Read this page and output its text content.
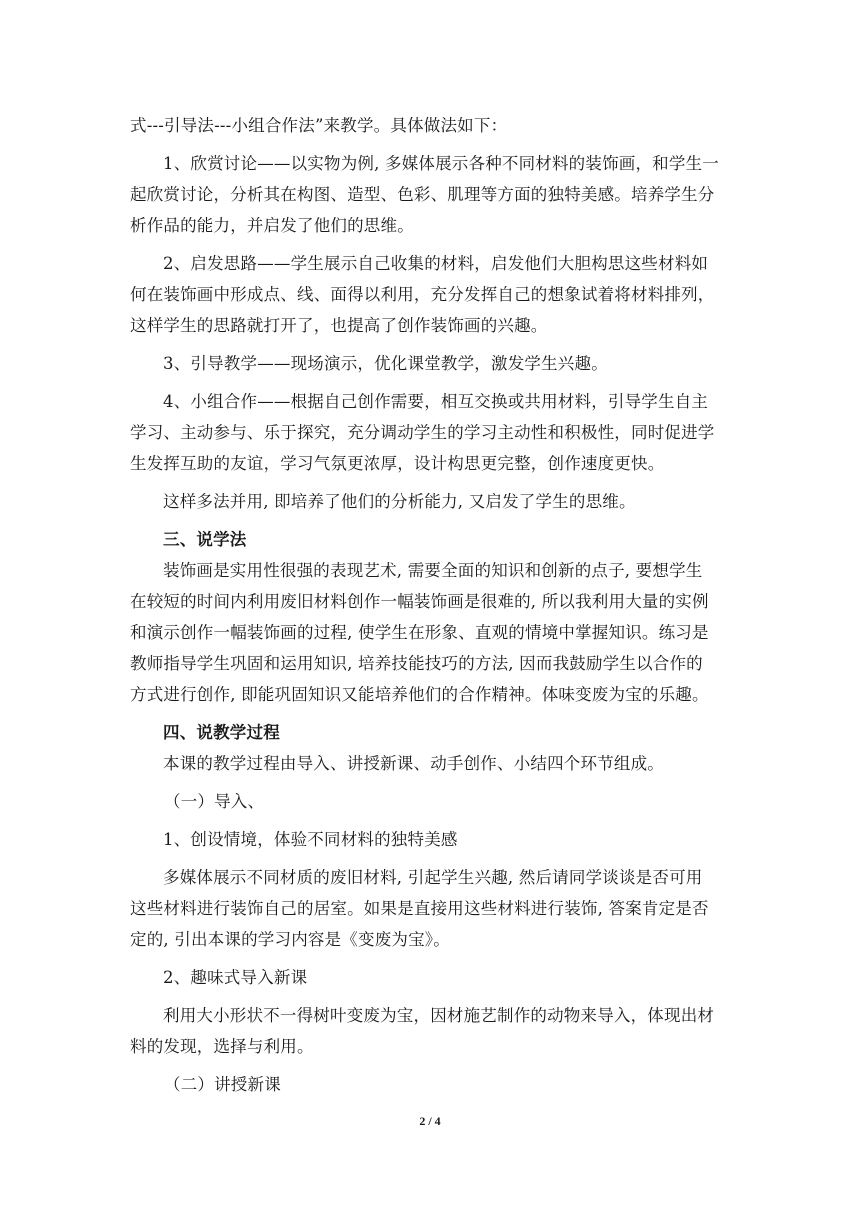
式---引导法---小组合作法”来教学。具体做法如下：
1、欣赏讨论——以实物为例, 多媒体展示各种不同材料的装饰画，和学生一
起欣赏讨论，分析其在构图、造型、色彩、肌理等方面的独特美感。培养学生分
析作品的能力，并启发了他们的思维。
2、启发思路——学生展示自己收集的材料，启发他们大胆构思这些材料如
何在装饰画中形成点、线、面得以利用，充分发挥自己的想象试着将材料排列，
这样学生的思路就打开了，也提高了创作装饰画的兴趣。
3、引导教学——现场演示，优化课堂教学，激发学生兴趣。
4、小组合作——根据自己创作需要，相互交换或共用材料，引导学生自主
学习、主动参与、乐于探究，充分调动学生的学习主动性和积极性，同时促进学
生发挥互助的友谊，学习气氛更浓厚，设计构思更完整，创作速度更快。
这样多法并用, 即培养了他们的分析能力, 又启发了学生的思维。
三、说学法
装饰画是实用性很强的表现艺术, 需要全面的知识和创新的点子, 要想学生
在较短的时间内利用废旧材料创作一幅装饰画是很难的, 所以我利用大量的实例
和演示创作一幅装饰画的过程, 使学生在形象、直观的情境中掌握知识。练习是
教师指导学生巩固和运用知识, 培养技能技巧的方法, 因而我鼓励学生以合作的
方式进行创作, 即能巩固知识又能培养他们的合作精神。体味变废为宝的乐趣。
四、说教学过程
本课的教学过程由导入、讲授新课、动手创作、小结四个环节组成。
（一）导入、
1、创设情境，体验不同材料的独特美感
多媒体展示不同材质的废旧材料, 引起学生兴趣, 然后请同学谈谈是否可用
这些材料进行装饰自己的居室。如果是直接用这些材料进行装饰, 答案肯定是否
定的, 引出本课的学习内容是《变废为宝》。
2、趣味式导入新课
利用大小形状不一得树叶变废为宝，因材施艺制作的动物来导入，体现出材
料的发现，选择与利用。
（二）讲授新课
2 / 4
